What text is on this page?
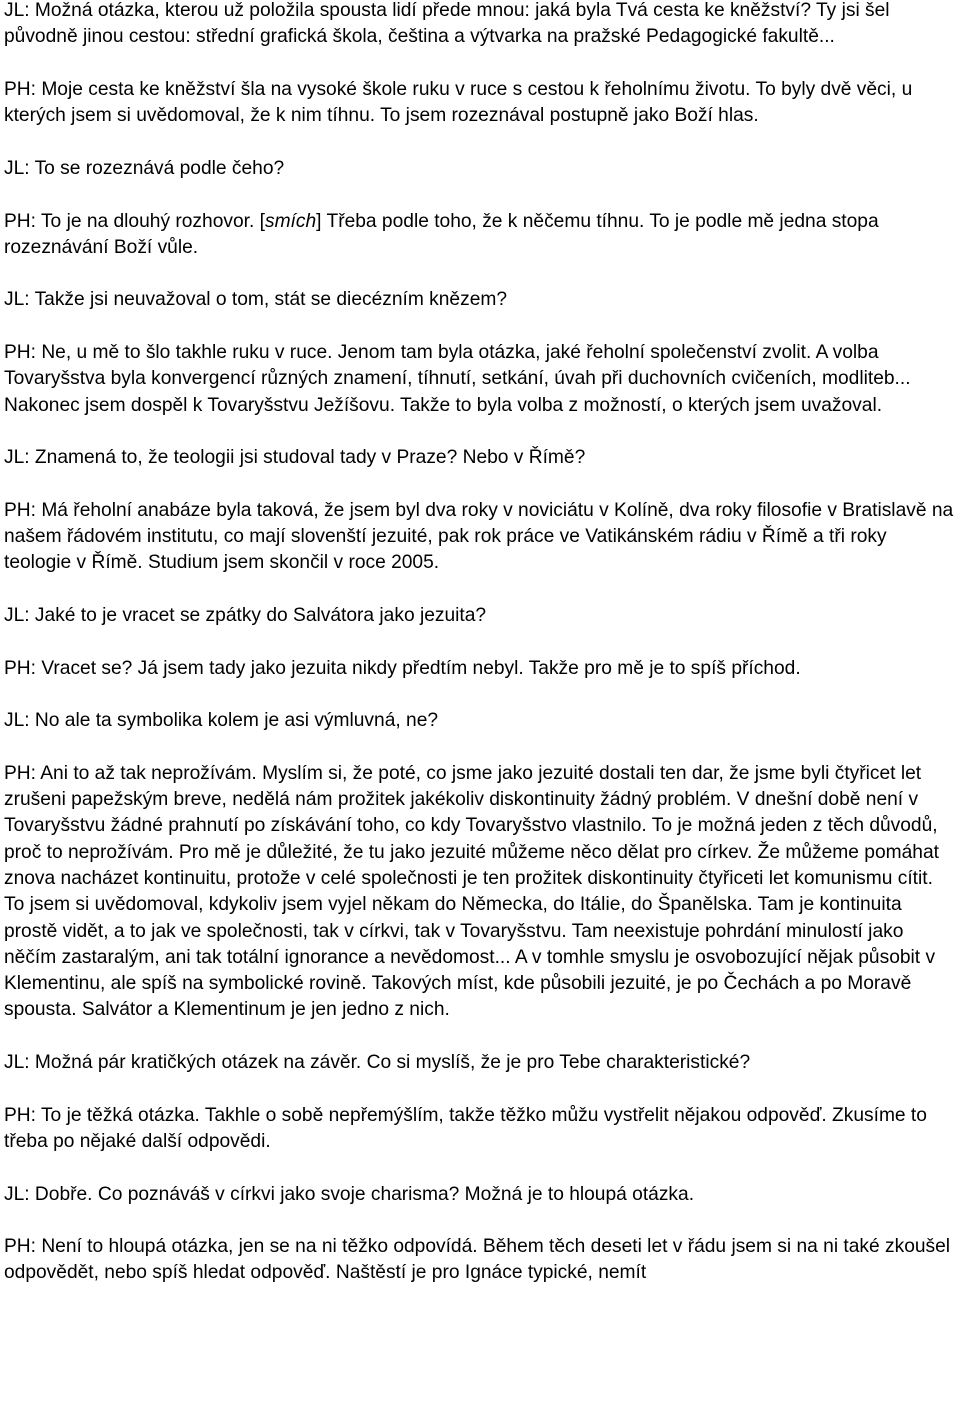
JL: Možná otázka, kterou už položila spousta lidí přede mnou: jaká byla Tvá cesta ke kněžství? Ty jsi šel původně jinou cestou: střední grafická škola, čeština a výtvarka na pražské Pedagogické fakultě...

PH: Moje cesta ke kněžství šla na vysoké škole ruku v ruce s cestou k řeholnímu životu. To byly dvě věci, u kterých jsem si uvědomoval, že k nim tíhnu. To jsem rozeznával postupně jako Boží hlas.

JL: To se rozeznává podle čeho?

PH: To je na dlouhý rozhovor. [smích] Třeba podle toho, že k něčemu tíhnu. To je podle mě jedna stopa rozeznávání Boží vůle.

JL: Takže jsi neuvažoval o tom, stát se diecézním knězem?

PH: Ne, u mě to šlo takhle ruku v ruce. Jenom tam byla otázka, jaké řeholní společenství zvolit. A volba Tovaryšstva byla konvergencí různých znamení, tíhnutí, setkání, úvah při duchovních cvičeních, modliteb... Nakonec jsem dospěl k Tovaryšstvu Ježíšovu. Takže to byla volba z možností, o kterých jsem uvažoval.

JL: Znamená to, že teologii jsi studoval tady v Praze? Nebo v Římě?

PH: Má řeholní anabáze byla taková, že jsem byl dva roky v noviciátu v Kolíně, dva roky filosofie v Bratislavě na našem řádovém institutu, co mají slovenští jezuité, pak rok práce ve Vatikánském rádiu v Římě a tři roky teologie v Římě. Studium jsem skončil v roce 2005.

JL: Jaké to je vracet se zpátky do Salvátora jako jezuita?

PH: Vracet se? Já jsem tady jako jezuita nikdy předtím nebyl. Takže pro mě je to spíš příchod.

JL: No ale ta symbolika kolem je asi výmluvná, ne?

PH: Ani to až tak neprožívám. Myslím si, že poté, co jsme jako jezuité dostali ten dar, že jsme byli čtyřicet let zrušeni papežským breve, nedělá nám prožitek jakékoliv diskontinuity žádný problém. V dnešní době není v Tovaryšstvu žádné prahnutí po získávání toho, co kdy Tovaryšstvo vlastnilo. To je možná jeden z těch důvodů, proč to neprožívám. Pro mě je důležité, že tu jako jezuité můžeme něco dělat pro církev. Že můžeme pomáhat znova nacházet kontinuitu, protože v celé společnosti je ten prožitek diskontinuity čtyřiceti let komunismu cítit. To jsem si uvědomoval, kdykoliv jsem vyjel někam do Německa, do Itálie, do Španělska. Tam je kontinuita prostě vidět, a to jak ve společnosti, tak v církvi, tak v Tovaryšstvu. Tam neexistuje pohrdání minulostí jako něčím zastaralým, ani tak totální ignorance a nevědomost... A v tomhle smyslu je osvobozující nějak působit v Klementinu, ale spíš na symbolické rovině. Takových míst, kde působili jezuité, je po Čechách a po Moravě spousta. Salvátor a Klementinum je jen jedno z nich.

JL: Možná pár kratičkých otázek na závěr. Co si myslíš, že je pro Tebe charakteristické?

PH: To je těžká otázka. Takhle o sobě nepřemýšlím, takže těžko můžu vystřelit nějakou odpověď. Zkusíme to třeba po nějaké další odpovědi.

JL: Dobře. Co poznáváš v církvi jako svoje charisma? Možná je to hloupá otázka.

PH: Není to hloupá otázka, jen se na ni těžko odpovídá. Během těch deseti let v řádu jsem si na ni také zkoušel odpovědět, nebo spíš hledat odpověď. Naštěstí je pro Ignáce typické, nemít
